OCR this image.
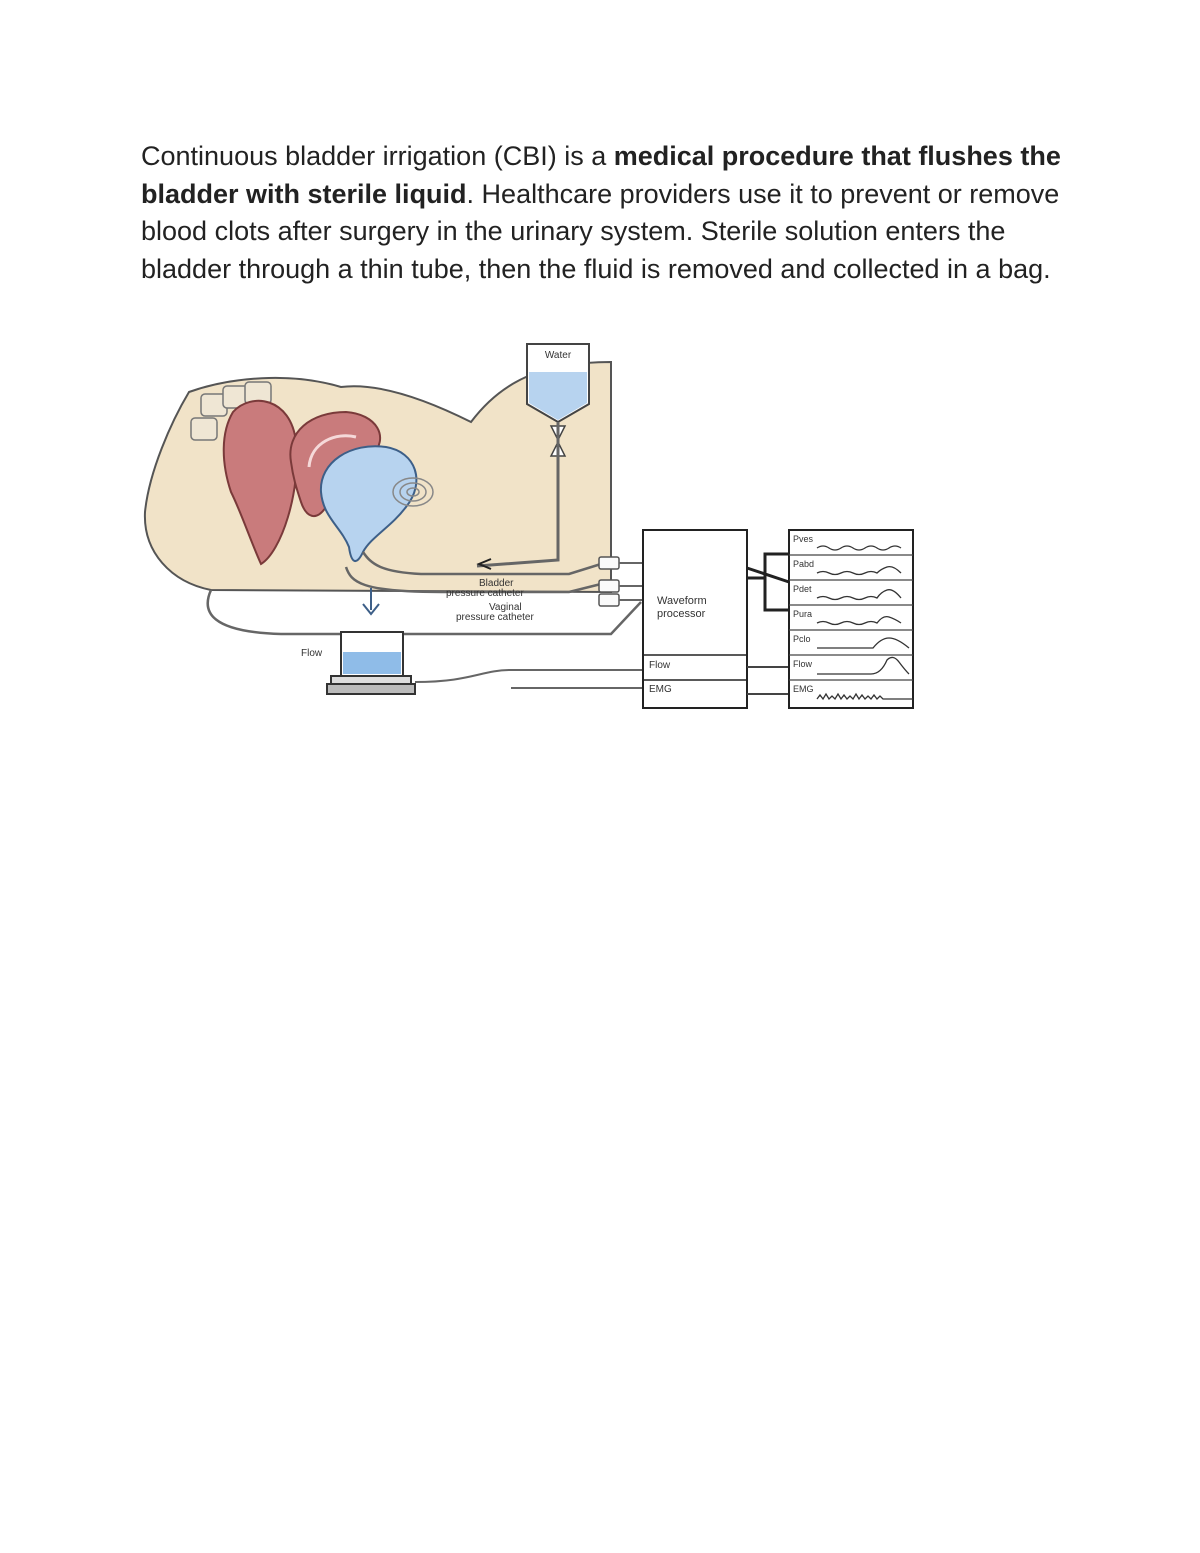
Continuous bladder irrigation (CBI) is a medical procedure that flushes the bladder with sterile liquid. Healthcare providers use it to prevent or remove blood clots after surgery in the urinary system. Sterile solution enters the bladder through a thin tube, then the fluid is removed and collected in a bag.

Water
Bladder
pressure catheter
Vaginal
pressure catheter
Flow
Waveform
processor
Flow
EMG
Pves
Pabd
Pdet
Pura
Pclo
Flow
EMG
